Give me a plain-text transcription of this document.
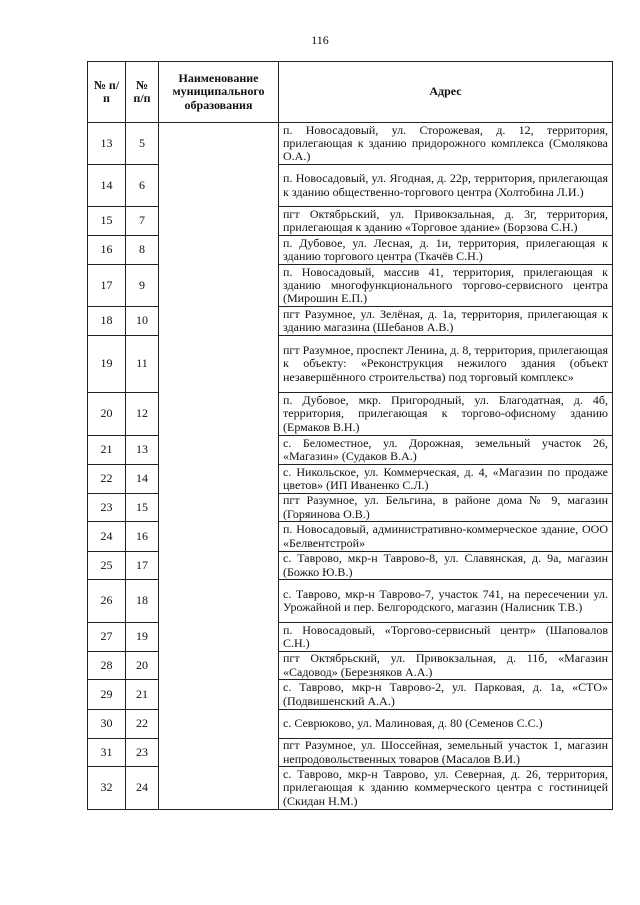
116
№ п/п	№ п/п	Наименование муниципального образования	Адрес
13	5		п. Новосадовый, ул. Сторожевая, д. 12, территория, прилегающая к зданию придорожного комплекса (Смолякова О.А.)
14	6		п. Новосадовый, ул. Ягодная, д. 22р, территория, прилегающая к зданию общественно-торгового центра (Холтобина Л.И.)
15	7		пгт Октябрьский, ул. Привокзальная, д. 3г, территория, прилегающая к зданию «Торговое здание» (Борзова С.Н.)
16	8		п. Дубовое, ул. Лесная, д. 1и, территория, прилегающая к зданию торгового центра (Ткачёв С.Н.)
17	9		п. Новосадовый, массив 41, территория, прилегающая к зданию многофункционального торгово-сервисного центра (Мирошин Е.П.)
18	10		пгт Разумное, ул. Зелёная, д. 1а, территория, прилегающая к зданию магазина (Шебанов А.В.)
19	11		пгт Разумное, проспект Ленина, д. 8, территория, прилегающая к объекту: «Реконструкция нежилого здания (объект незавершённого строительства) под торговый комплекс»
20	12		п. Дубовое, мкр. Пригородный, ул. Благодатная, д. 4б, территория, прилегающая к торгово-офисному зданию (Ермаков В.Н.)
21	13		с. Беломестное, ул. Дорожная, земельный участок 26, «Магазин» (Судаков В.А.)
22	14		с. Никольское, ул. Коммерческая, д. 4, «Магазин по продаже цветов» (ИП Иваненко С.Л.)
23	15		пгт Разумное, ул. Бельгина, в районе дома № 9, магазин (Горяинова О.В.)
24	16		п. Новосадовый, административно-коммерческое здание, ООО «Белвентстрой»
25	17		с. Таврово, мкр-н Таврово-8, ул. Славянская, д. 9а, магазин (Божко Ю.В.)
26	18		с. Таврово, мкр-н Таврово-7, участок 741, на пересечении ул. Урожайной и пер. Белгородского, магазин (Налисник Т.В.)
27	19		п. Новосадовый, «Торгово-сервисный центр» (Шаповалов С.Н.)
28	20		пгт Октябрьский, ул. Привокзальная, д. 11б, «Магазин «Садовод» (Березняков А.А.)
29	21		с. Таврово, мкр-н Таврово-2, ул. Парковая, д. 1а, «СТО» (Подвишенский А.А.)
30	22		с. Севрюково, ул. Малиновая, д. 80 (Семенов С.С.)
31	23		пгт Разумное, ул. Шоссейная, земельный участок 1, магазин непродовольственных товаров (Масалов В.И.)
32	24		с. Таврово, мкр-н Таврово, ул. Северная, д. 26, территория, прилегающая к зданию коммерческого центра с гостиницей (Скидан Н.М.)
